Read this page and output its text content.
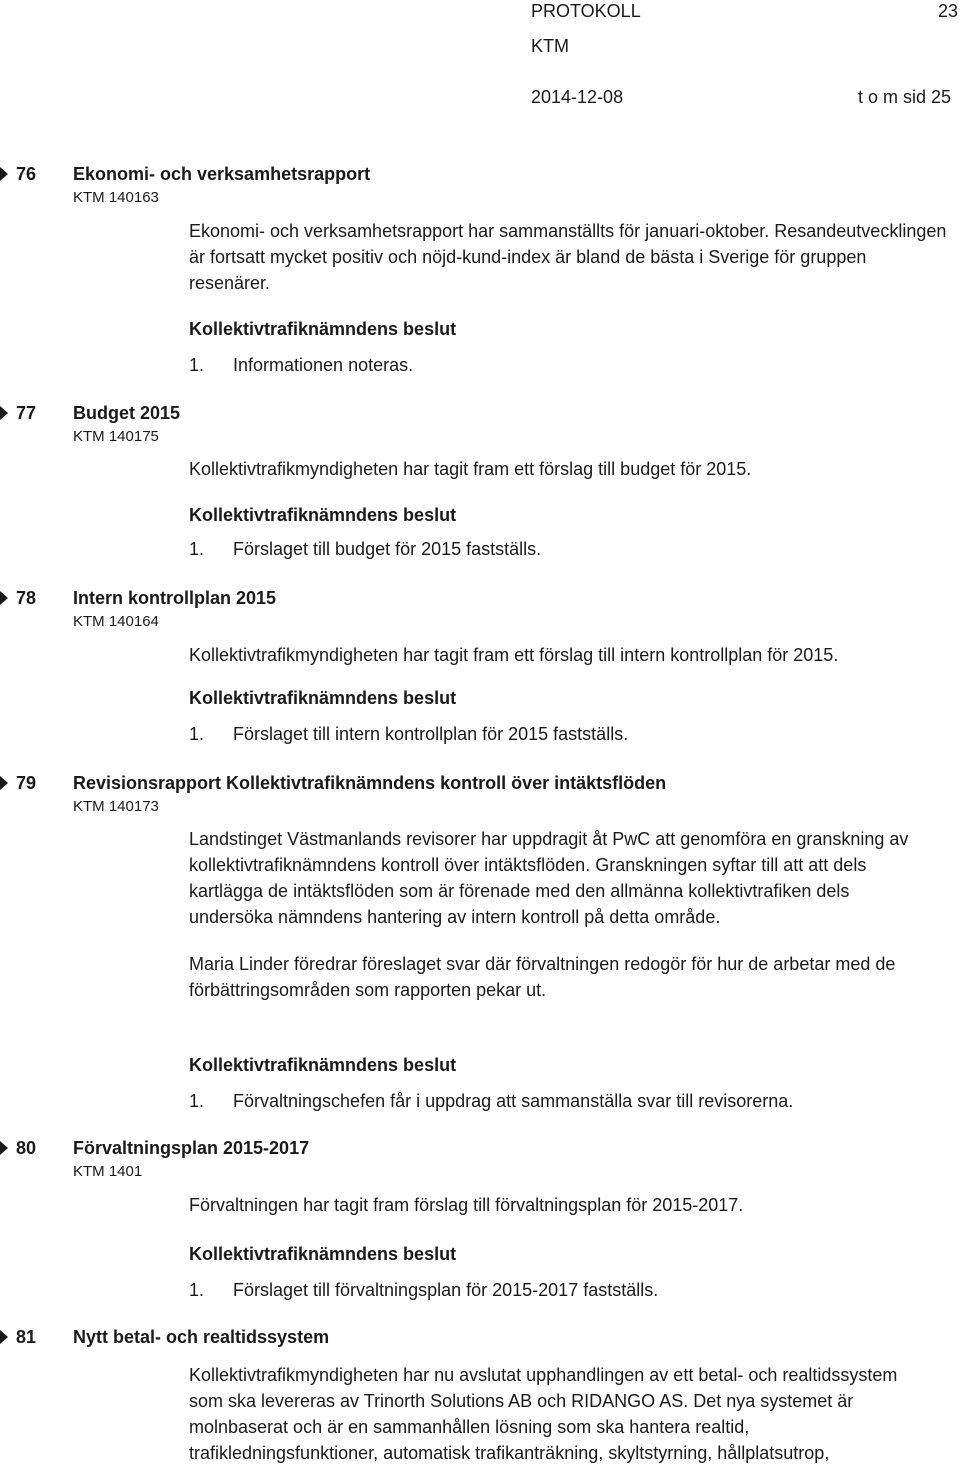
PROTOKOLL	23
KTM
2014-12-08	t o m sid 25
76 Ekonomi- och verksamhetsrapport
KTM 140163

Ekonomi- och verksamhetsrapport har sammanställts för januari-oktober. Resandeutvecklingen är fortsatt mycket positiv och nöjd-kund-index är bland de bästa i Sverige för gruppen resenärer.

Kollektivtrafiknämndens beslut
1. Informationen noteras.
77 Budget 2015
KTM 140175

Kollektivtrafikmyndigheten har tagit fram ett förslag till budget för 2015.

Kollektivtrafiknämndens beslut
1. Förslaget till budget för 2015 fastställs.
78 Intern kontrollplan 2015
KTM 140164

Kollektivtrafikmyndigheten har tagit fram ett förslag till intern kontrollplan för 2015.

Kollektivtrafiknämndens beslut
1. Förslaget till intern kontrollplan för 2015 fastställs.
79 Revisionsrapport Kollektivtrafiknämndens kontroll över intäktsflöden
KTM 140173

Landstinget Västmanlands revisorer har uppdragit åt PwC att genomföra en granskning av kollektivtrafiknämndens kontroll över intäktsflöden. Granskningen syftar till att att dels kartlägga de intäktsflöden som är förenade med den allmänna kollektivtrafiken dels undersöka nämndens hantering av intern kontroll på detta område.

Maria Linder föredrar föreslaget svar där förvaltningen redogör för hur de arbetar med de förbättringsområden som rapporten pekar ut.

Kollektivtrafiknämndens beslut
1. Förvaltningschefen får i uppdrag att sammanställa svar till revisorerna.
80 Förvaltningsplan 2015-2017
KTM 1401

Förvaltningen har tagit fram förslag till förvaltningsplan för 2015-2017.

Kollektivtrafiknämndens beslut
1. Förslaget till förvaltningsplan för 2015-2017 fastställs.
81 Nytt betal- och realtidssystem

Kollektivtrafikmyndigheten har nu avslutat upphandlingen av ett betal- och realtidssystem som ska levereras av Trinorth Solutions AB och RIDANGO AS. Det nya systemet är molnbaserat och är en sammanhållen lösning som ska hantera realtid, trafikledningsfunktioner, automatisk trafikanträkning, skyltstyrning, hållplatsutrop,
